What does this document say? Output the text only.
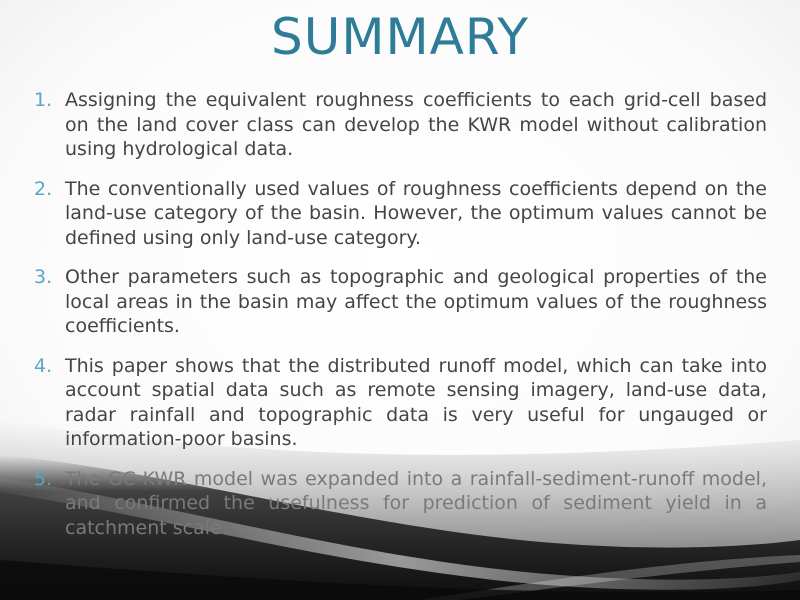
SUMMARY
1. Assigning the equivalent roughness coefficients to each grid-cell based on the land cover class can develop the KWR model without calibration using hydrological data.
2. The conventionally used values of roughness coefficients depend on the land-use category of the basin. However, the optimum values cannot be defined using only land-use category.
3. Other parameters such as topographic and geological properties of the local areas in the basin may affect the optimum values of the roughness coefficients.
4. This paper shows that the distributed runoff model, which can take into account spatial data such as remote sensing imagery, land-use data, radar rainfall and topographic data is very useful for ungauged or information-poor basins.
5. The GC-KWR model was expanded into a rainfall-sediment-runoff model, and confirmed the usefulness for prediction of sediment yield in a catchment scale.
